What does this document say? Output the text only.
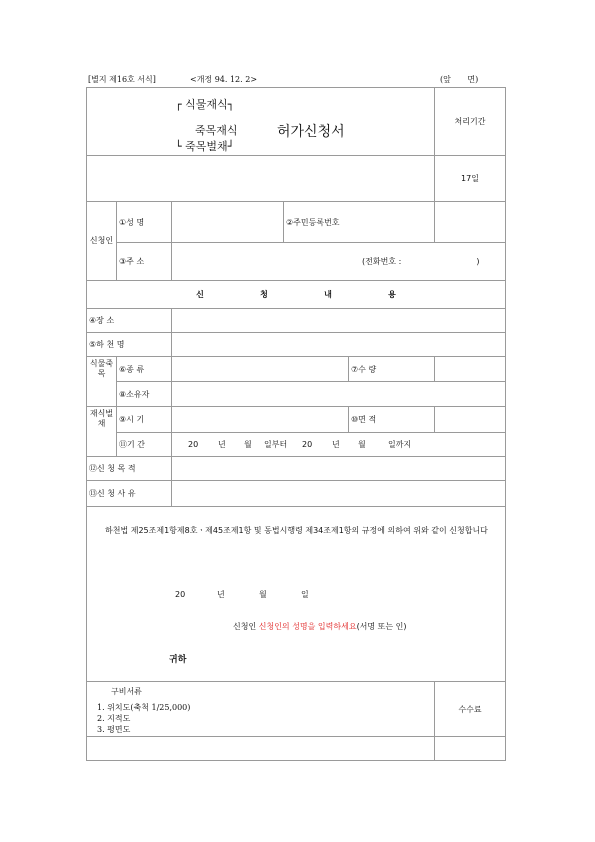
[별지 제16호 서식]	<개정 94. 12. 2>	(앞 면)
┌ 식물재식┐
죽목재식
└ 죽목벌채┘
허가신청서					처리기간
					17일
신청인	①성 명		②주민등록번호		
	③주 소	(전화번호 : )			
신 청 내 용					
④장 소					
⑤하 천 명					
식물죽목	⑥종 류			⑦수 량	
	⑧소유자				
재식벌채	⑨시 기			⑩면 적	
	⑪기 간	20 년 월 일부터 20 년 월 일까지			
⑫신 청 목 적					
⑬신 청 사 유					

하천법 제25조제1항제8호ㆍ제45조제1항 및 동법시행령 제34조제1항의 규정에 의하여 위와 같이 신청합니다
20 년 월 일
신청인 신청인의 성명을 입력하세요(서명 또는 인)
귀하					

구비서류
1. 위치도(축척 1/25,000)
2. 지적도
3. 평면도					수수료
